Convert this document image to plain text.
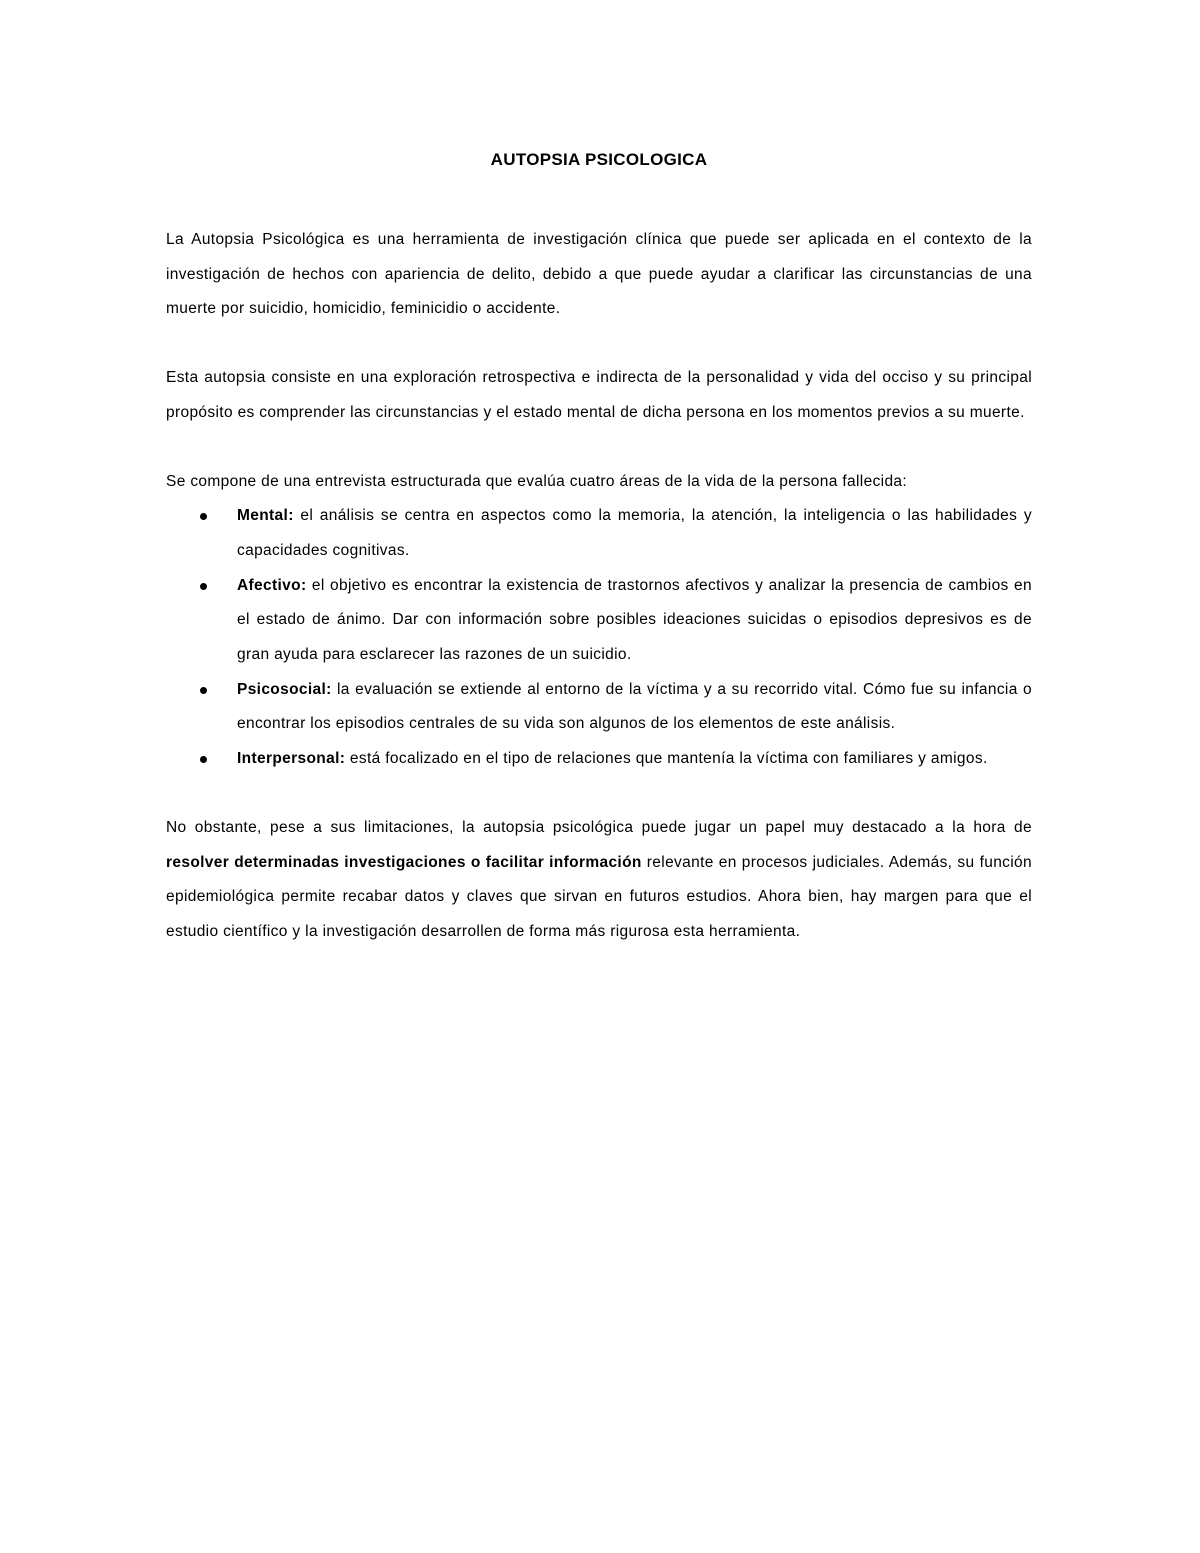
AUTOPSIA PSICOLOGICA

La Autopsia Psicológica es una herramienta de investigación clínica que puede ser aplicada en el contexto de la investigación de hechos con apariencia de delito, debido a que puede ayudar a clarificar las circunstancias de una muerte por suicidio, homicidio, feminicidio o accidente.

Esta autopsia consiste en una exploración retrospectiva e indirecta de la personalidad y vida del occiso y su principal propósito es comprender las circunstancias y el estado mental de dicha persona en los momentos previos a su muerte.

Se compone de una entrevista estructurada que evalúa cuatro áreas de la vida de la persona fallecida:

Mental: el análisis se centra en aspectos como la memoria, la atención, la inteligencia o las habilidades y capacidades cognitivas.
Afectivo: el objetivo es encontrar la existencia de trastornos afectivos y analizar la presencia de cambios en el estado de ánimo. Dar con información sobre posibles ideaciones suicidas o episodios depresivos es de gran ayuda para esclarecer las razones de un suicidio.
Psicosocial: la evaluación se extiende al entorno de la víctima y a su recorrido vital. Cómo fue su infancia o encontrar los episodios centrales de su vida son algunos de los elementos de este análisis.
Interpersonal: está focalizado en el tipo de relaciones que mantenía la víctima con familiares y amigos.

No obstante, pese a sus limitaciones, la autopsia psicológica puede jugar un papel muy destacado a la hora de resolver determinadas investigaciones o facilitar información relevante en procesos judiciales. Además, su función epidemiológica permite recabar datos y claves que sirvan en futuros estudios. Ahora bien, hay margen para que el estudio científico y la investigación desarrollen de forma más rigurosa esta herramienta.
